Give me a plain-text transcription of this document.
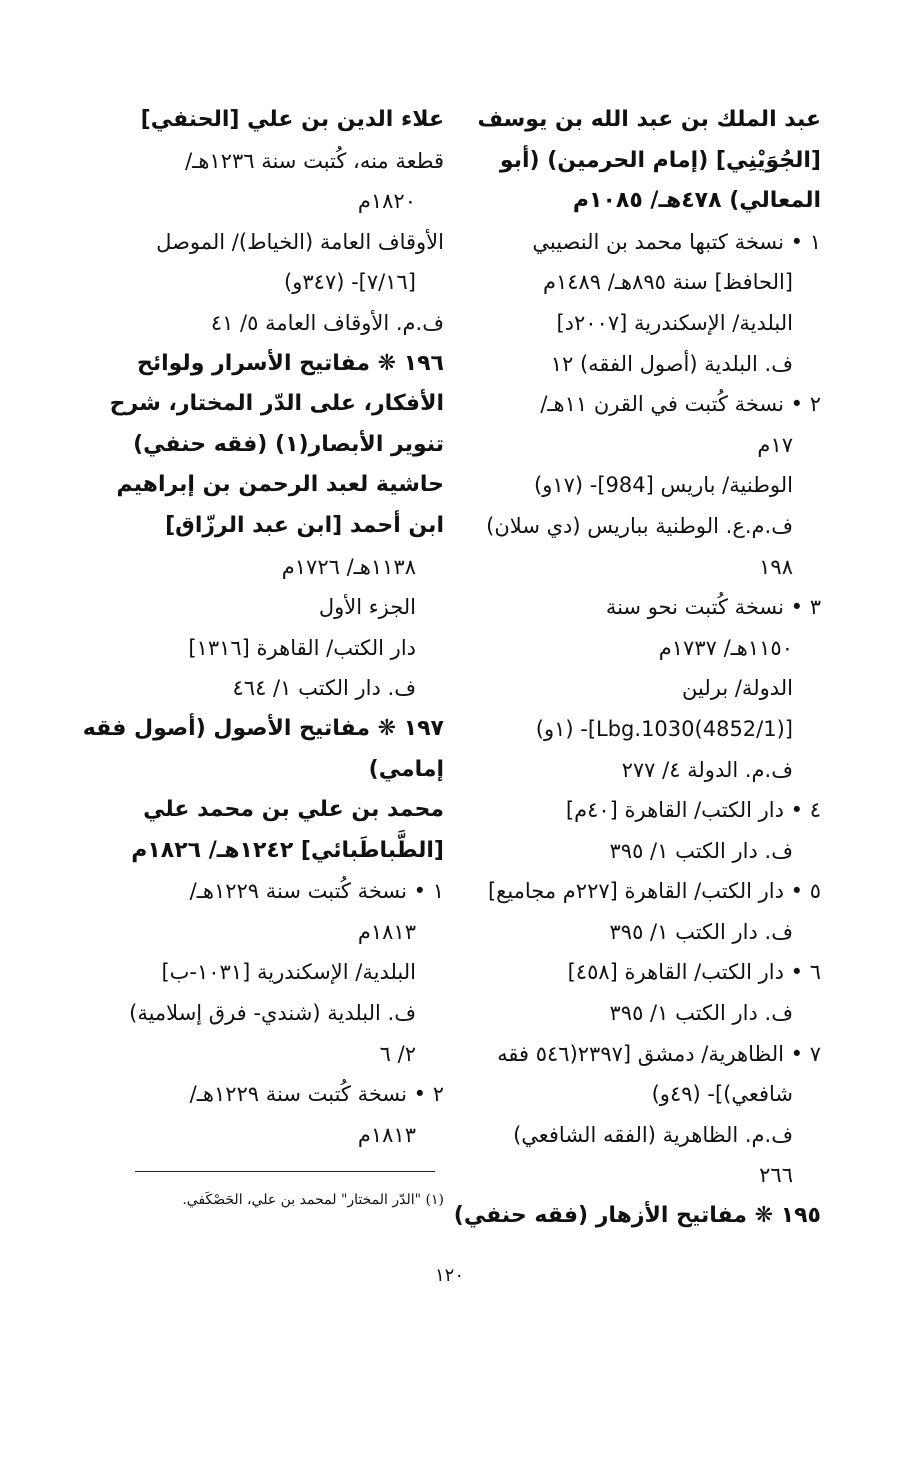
عبد الملك بن عبد الله بن يوسف
[الجُوَيْنِي] (إمام الحرمين) (أبو
المعالي) ٤٧٨هـ/ ١٠٨٥م
١ • نسخة كتبها محمد بن النصيبي
[الحافظ] سنة ٨٩٥هـ/ ١٤٨٩م
البلدية/ الإسكندرية [٢٠٠٧د]
ف. البلدية (أصول الفقه) ١٢
٢ • نسخة كُتبت في القرن ١١هـ/
١٧م
الوطنية/ باريس [984]- (١٧و)
ف.م.ع. الوطنية بباريس (دي سلان)
١٩٨
٣ • نسخة كُتبت نحو سنة
١١٥٠هـ/ ١٧٣٧م
الدولة/ برلين
[(4852/1)Lbg.1030]- (١و)
ف.م. الدولة ٤/ ٢٧٧
٤ • دار الكتب/ القاهرة [٤٠م]
ف. دار الكتب ١/ ٣٩٥
٥ • دار الكتب/ القاهرة [٢٢٧م مجاميع]
ف. دار الكتب ١/ ٣٩٥
٦ • دار الكتب/ القاهرة [٤٥٨]
ف. دار الكتب ١/ ٣٩٥
٧ • الظاهرية/ دمشق [٢٣٩٧(٥٤٦ فقه
شافعي)]- (٤٩و)
ف.م. الظاهرية (الفقه الشافعي)
٢٦٦
١٩٥ ❋ مفاتيح الأزهار (فقه حنفي)
علاء الدين بن علي [الحنفي]
قطعة منه، كُتبت سنة ١٢٣٦هـ/
١٨٢٠م
الأوقاف العامة (الخياط)/ الموصل
[٧/١٦]- (٣٤٧و)
ف.م. الأوقاف العامة ٥/ ٤١
١٩٦ ❋ مفاتيح الأسرار ولوائح
الأفكار، على الدّر المختار، شرح
تنوير الأبصار(١) (فقه حنفي)
حاشية لعبد الرحمن بن إبراهيم
ابن أحمد [ابن عبد الرزّاق]
١١٣٨هـ/ ١٧٢٦م
الجزء الأول
دار الكتب/ القاهرة [١٣١٦]
ف. دار الكتب ١/ ٤٦٤
١٩٧ ❋ مفاتيح الأصول (أصول فقه
إمامي)
محمد بن علي بن محمد علي
[الطَّباطَبائي] ١٢٤٢هـ/ ١٨٢٦م
١ • نسخة كُتبت سنة ١٢٢٩هـ/
١٨١٣م
البلدية/ الإسكندرية [١٠٣١-ب]
ف. البلدية (شندي- فرق إسلامية)
٢/ ٦
٢ • نسخة كُتبت سنة ١٢٢٩هـ/
١٨١٣م
(١) "الدّر المختار" لمحمد بن علي، الحَصْكَفي.
١٢٠
